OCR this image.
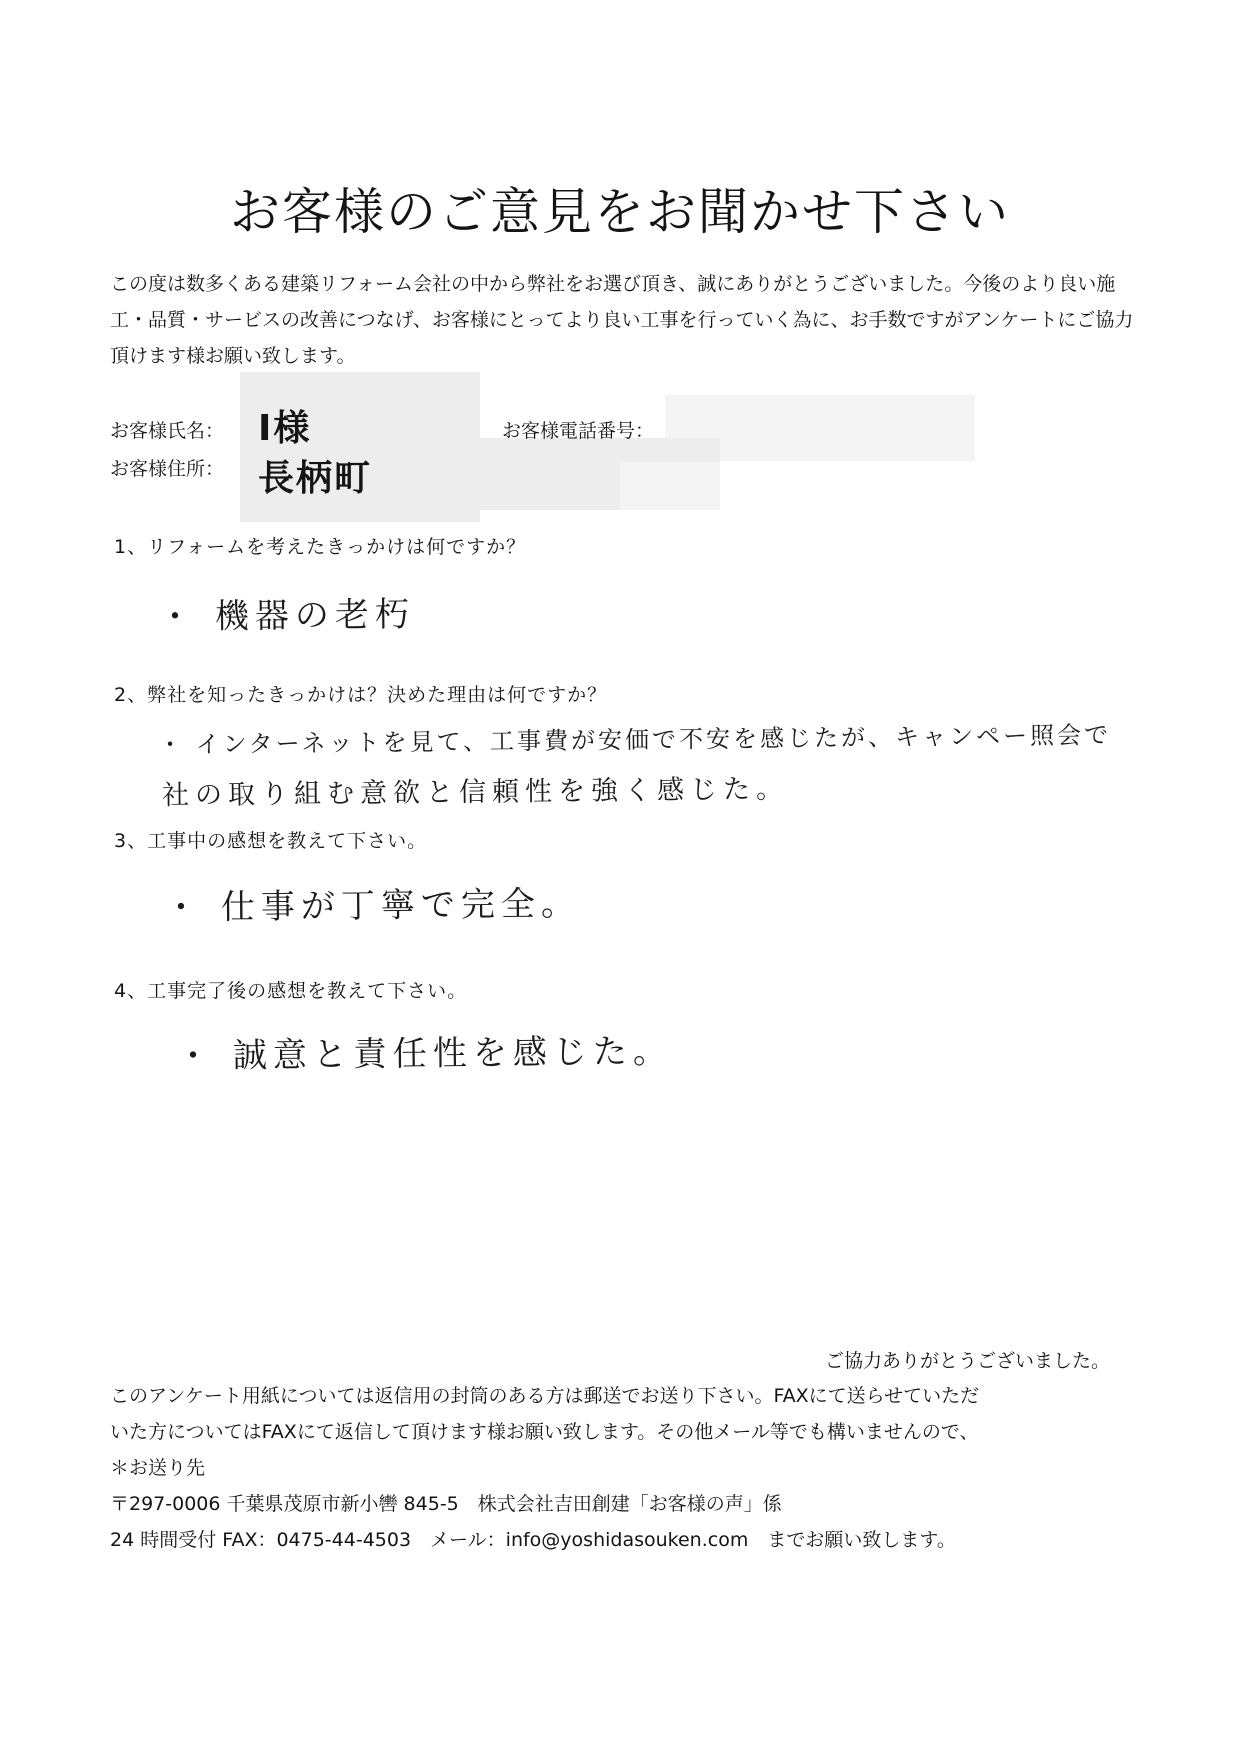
お客様のご意見をお聞かせ下さい

この度は数多くある建築リフォーム会社の中から弊社をお選び頂き、誠にありがとうございました。今後のより良い施工・品質・サービスの改善につなげ、お客様にとってより良い工事を行っていく為に、お手数ですがアンケートにご協力頂けます様お願い致します。

お客様氏名： I様	お客様電話番号：
お客様住所： 長柄町
1、リフォームを考えたきっかけは何ですか？
・ 機器の老朽
2、弊社を知ったきっかけは？決めた理由は何ですか？
・ インターネットを見て、工事費が安価で不安を感じたが、キャンペー照会で
社の取り組む意欲と信頼性を強く感じた。
3、工事中の感想を教えて下さい。
・ 仕事が丁寧で完全。
4、工事完了後の感想を教えて下さい。
・ 誠意と責任性を感じた。
ご協力ありがとうございました。
このアンケート用紙については返信用の封筒のある方は郵送でお送り下さい。FAXにて送らせていただ
いた方についてはFAXにて返信して頂けます様お願い致します。その他メール等でも構いませんので、
＊お送り先
〒297-0006 千葉県茂原市新小轡 845-5　株式会社吉田創建「お客様の声」係
24 時間受付 FAX：0475-44-4503　メール：info@yoshidasouken.com　までお願い致します。
